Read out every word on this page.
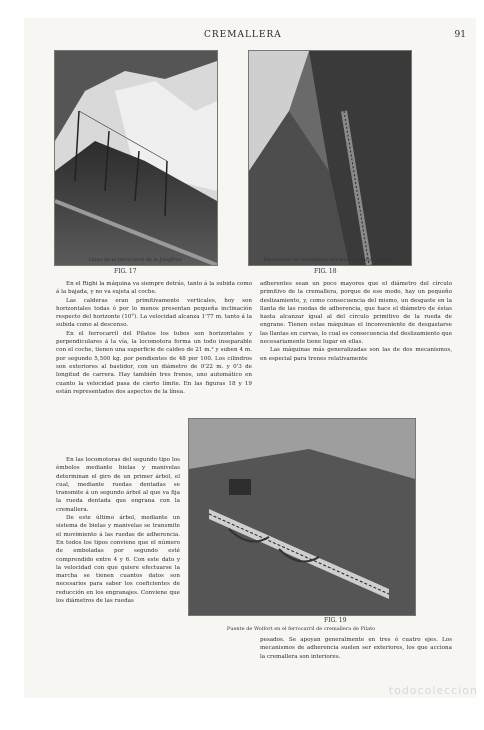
CREMALLERA	91
FIG. 17
Línea en el ferrocarril de la Jungfrau
FIG. 18
Ferrocarril de cremallera del monte Pilatus. (Suiza)

En el Righi la máquina va siempre detrás, tanto á la subida como á la bajada, y no va sujeta al coche.

Las calderas eran primitivamente verticales, hoy son horizontales todas ó por lo menos presentan pequeña inclinación respecto del horizonte (10°). La velocidad alcanza 1'77 m. tanto á la subida como al descenso.

En el ferrocarril del Pilatos los tubos son horizontales y perpendiculares á la vía, la locomotora forma un todo inseparable con el coche, tienen una superficie de caldeo de 21 m.² y suben 4 m. por segundo 5,500 kg. por pendientes de 48 por 100. Los cilindros son exteriores al bastidor, con un diámetro de 0'22 m. y 0'3 de longitud de carrera. Hay también tres frenos, uno automático en cuanto la velocidad pasa de cierto límite. En las figuras 18 y 19 están representados dos aspectos de la línea.

En las locomotoras del segundo tipo los émbolos mediante bielas y manivelas determinan el giro de un primer árbol, el cual, mediante ruedas dentadas se transmite á un segundo árbol al que va fija la rueda dentada que engrana con la cremallera.

De este último árbol, mediante un sistema de bielas y manivelas se transmite el movimiento á las ruedas de adherencia. En todos los tipos conviene que el número de emboladas por segundo esté comprendido entre 4 y 6. Con este dato y la velocidad con que quiere efectuarse la marcha se tienen cuantos datos son necesarios para saber los coeficientes de reducción en los engranajes. Conviene que los diámetros de las ruedas

adherentes sean un poco mayores que el diámetro del círculo primitivo de la cremallera, porque de ese modo, hay un pequeño deslizamiento, y, como consecuencia del mismo, un desgaste en la llanta de las ruedas de adherencia, que hace el diámetro de éstas hasta alcanzar igual al del círculo primitivo de la rueda de engrane. Tienen estas máquinas el inconveniente de desgastarse las llantas en curvas, lo cual es consecuencia del deslizamiento que necesariamente tiene lugar en ellas.

Las máquinas más generalizadas son las de dos mecanismos, en especial para trenes relativamente

FIG. 19
Puente de Wolfort en el ferrocarril de cremallera de Pilato

pesados. Se apoyan generalmente en tres ó cuatro ejes. Los mecanismos de adherencia suelen ser exteriores, los que acciona la cremallera son interiores.

todocoleccion
